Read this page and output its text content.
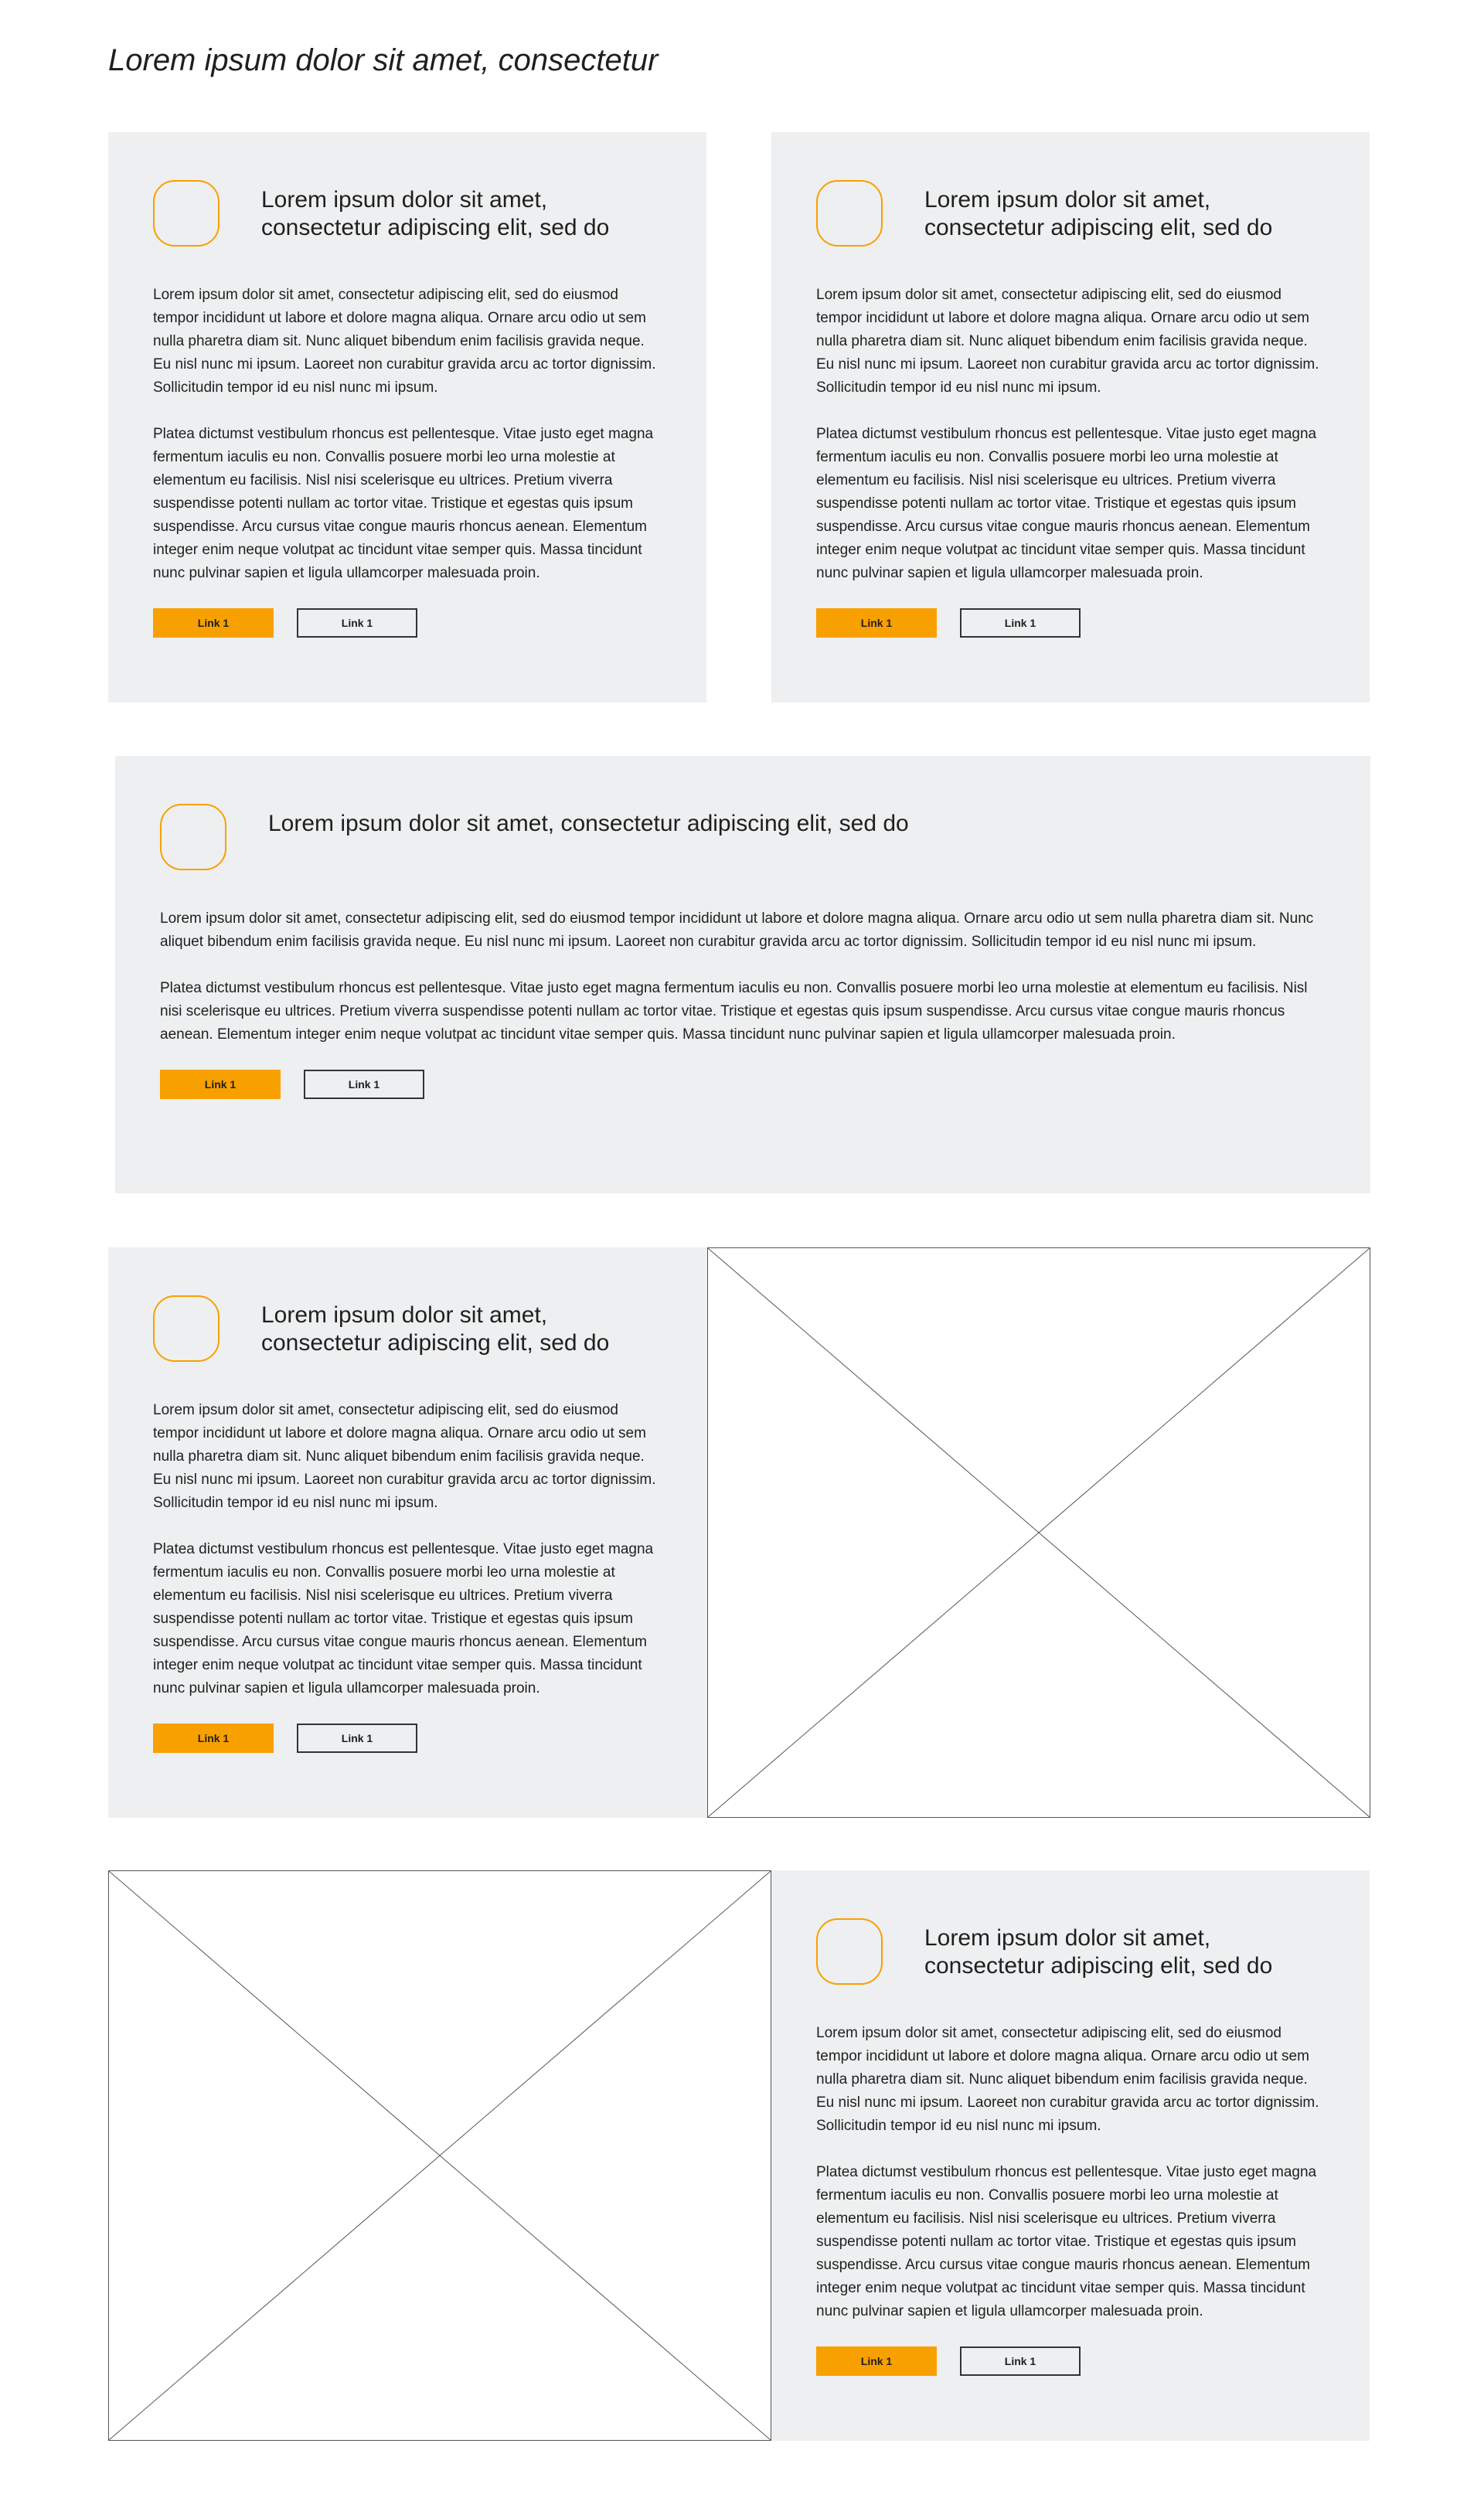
Lorem ipsum dolor sit amet, consectetur
Lorem ipsum dolor sit amet, consectetur adipiscing elit, sed do

Lorem ipsum dolor sit amet, consectetur adipiscing elit, sed do eiusmod tempor incididunt ut labore et dolore magna aliqua. Ornare arcu odio ut sem nulla pharetra diam sit. Nunc aliquet bibendum enim facilisis gravida neque. Eu nisl nunc mi ipsum. Laoreet non curabitur gravida arcu ac tortor dignissim. Sollicitudin tempor id eu nisl nunc mi ipsum.

Platea dictumst vestibulum rhoncus est pellentesque. Vitae justo eget magna fermentum iaculis eu non. Convallis posuere morbi leo urna molestie at elementum eu facilisis. Nisl nisi scelerisque eu ultrices. Pretium viverra suspendisse potenti nullam ac tortor vitae. Tristique et egestas quis ipsum suspendisse. Arcu cursus vitae congue mauris rhoncus aenean. Elementum integer enim neque volutpat ac tincidunt vitae semper quis. Massa tincidunt nunc pulvinar sapien et ligula ullamcorper malesuada proin.

Link 1	Link 1
Lorem ipsum dolor sit amet, consectetur adipiscing elit, sed do

Lorem ipsum dolor sit amet, consectetur adipiscing elit, sed do eiusmod tempor incididunt ut labore et dolore magna aliqua. Ornare arcu odio ut sem nulla pharetra diam sit. Nunc aliquet bibendum enim facilisis gravida neque. Eu nisl nunc mi ipsum. Laoreet non curabitur gravida arcu ac tortor dignissim. Sollicitudin tempor id eu nisl nunc mi ipsum.

Platea dictumst vestibulum rhoncus est pellentesque. Vitae justo eget magna fermentum iaculis eu non. Convallis posuere morbi leo urna molestie at elementum eu facilisis. Nisl nisi scelerisque eu ultrices. Pretium viverra suspendisse potenti nullam ac tortor vitae. Tristique et egestas quis ipsum suspendisse. Arcu cursus vitae congue mauris rhoncus aenean. Elementum integer enim neque volutpat ac tincidunt vitae semper quis. Massa tincidunt nunc pulvinar sapien et ligula ullamcorper malesuada proin.

Link 1	Link 1
Lorem ipsum dolor sit amet, consectetur adipiscing elit, sed do

Lorem ipsum dolor sit amet, consectetur adipiscing elit, sed do eiusmod tempor incididunt ut labore et dolore magna aliqua. Ornare arcu odio ut sem nulla pharetra diam sit. Nunc aliquet bibendum enim facilisis gravida neque. Eu nisl nunc mi ipsum. Laoreet non curabitur gravida arcu ac tortor dignissim. Sollicitudin tempor id eu nisl nunc mi ipsum.

Platea dictumst vestibulum rhoncus est pellentesque. Vitae justo eget magna fermentum iaculis eu non. Convallis posuere morbi leo urna molestie at elementum eu facilisis. Nisl nisi scelerisque eu ultrices. Pretium viverra suspendisse potenti nullam ac tortor vitae. Tristique et egestas quis ipsum suspendisse. Arcu cursus vitae congue mauris rhoncus aenean. Elementum integer enim neque volutpat ac tincidunt vitae semper quis. Massa tincidunt nunc pulvinar sapien et ligula ullamcorper malesuada proin.

Link 1	Link 1
Lorem ipsum dolor sit amet, consectetur adipiscing elit, sed do

Lorem ipsum dolor sit amet, consectetur adipiscing elit, sed do eiusmod tempor incididunt ut labore et dolore magna aliqua. Ornare arcu odio ut sem nulla pharetra diam sit. Nunc aliquet bibendum enim facilisis gravida neque. Eu nisl nunc mi ipsum. Laoreet non curabitur gravida arcu ac tortor dignissim. Sollicitudin tempor id eu nisl nunc mi ipsum.

Platea dictumst vestibulum rhoncus est pellentesque. Vitae justo eget magna fermentum iaculis eu non. Convallis posuere morbi leo urna molestie at elementum eu facilisis. Nisl nisi scelerisque eu ultrices. Pretium viverra suspendisse potenti nullam ac tortor vitae. Tristique et egestas quis ipsum suspendisse. Arcu cursus vitae congue mauris rhoncus aenean. Elementum integer enim neque volutpat ac tincidunt vitae semper quis. Massa tincidunt nunc pulvinar sapien et ligula ullamcorper malesuada proin.

Link 1	Link 1
Lorem ipsum dolor sit amet, consectetur adipiscing elit, sed do

Lorem ipsum dolor sit amet, consectetur adipiscing elit, sed do eiusmod tempor incididunt ut labore et dolore magna aliqua. Ornare arcu odio ut sem nulla pharetra diam sit. Nunc aliquet bibendum enim facilisis gravida neque. Eu nisl nunc mi ipsum. Laoreet non curabitur gravida arcu ac tortor dignissim. Sollicitudin tempor id eu nisl nunc mi ipsum.

Platea dictumst vestibulum rhoncus est pellentesque. Vitae justo eget magna fermentum iaculis eu non. Convallis posuere morbi leo urna molestie at elementum eu facilisis. Nisl nisi scelerisque eu ultrices. Pretium viverra suspendisse potenti nullam ac tortor vitae. Tristique et egestas quis ipsum suspendisse. Arcu cursus vitae congue mauris rhoncus aenean. Elementum integer enim neque volutpat ac tincidunt vitae semper quis. Massa tincidunt nunc pulvinar sapien et ligula ullamcorper malesuada proin.

Link 1	Link 1
